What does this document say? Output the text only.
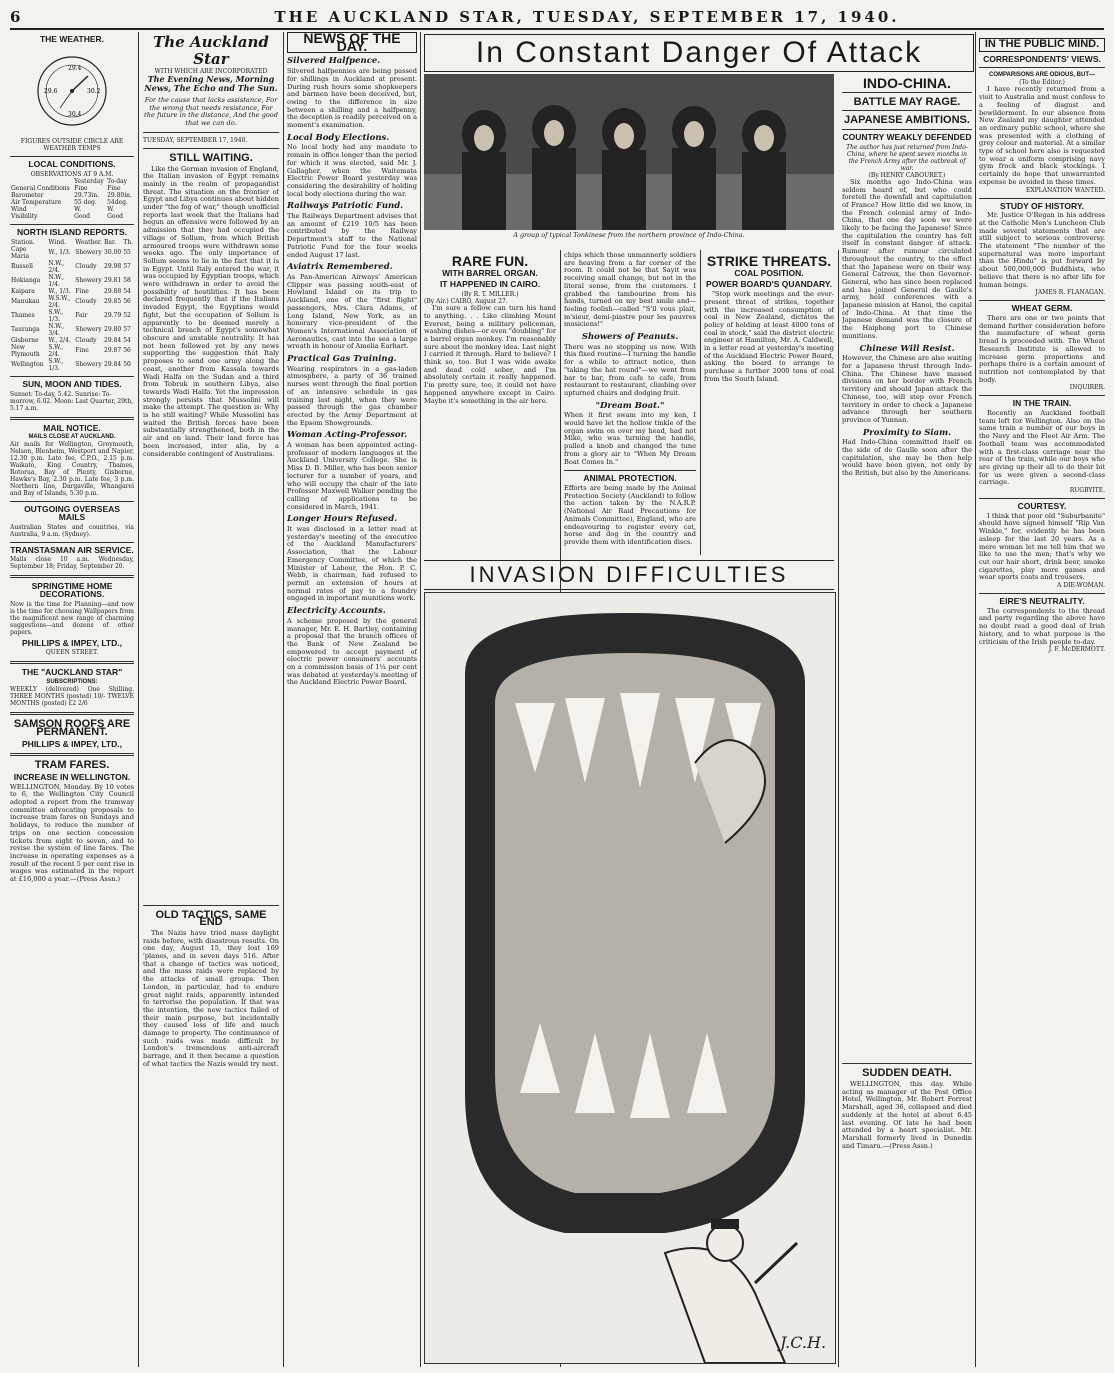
6	THE AUCKLAND STAR, TUESDAY, SEPTEMBER 17, 1940.
THE WEATHER.
29.6
29.4
30.2
30.4
FIGURES OUTSIDE CIRCLE ARE WEATHER TEMPS
LOCAL CONDITIONS.
OBSERVATIONS AT 9 A.M.
	Yesterday	To-day
General Conditions	Fine	Fine
Barometer	29.73in.	29.80in.
Air Temperature	55 deg.	54deg.
Wind	W.	W.
Visibility	Good	Good
NORTH ISLAND REPORTS.
Station.	Wind.	Weather.	Bar.	Th.
Cape Maria	W., 1/3.	Showery	30.00	55
Russell	N.W., 2/4.	Cloudy	29.98	57
Hokianga	N.W., 1/4.	Showery	29.81	58
Kaipara	W., 1/3.	Fine	29.88	54
Manukau	W.S.W., 2/4.	Cloudy	29.85	56
Thames	S.W., 1/3.	Fair	29.79	52
Tauranga	N.W., 3/4.	Showery	29.80	57
Gisborne	W., 2/4.	Cloudy	29.84	54
New Plymouth	S.W., 2/4.	Fine	29.87	56
Wellington	S.W., 1/3.	Showery	29.84	50
SUN, MOON AND TIDES.
Sunset: To-day, 5.42. Sunrise: To-morrow, 6.02. Moon: Last Quarter, 29th, 5.17 a.m.
MAIL NOTICE.
MAILS CLOSE AT AUCKLAND.
Air mails for Wellington, Greymouth, Nelson, Blenheim, Westport and Napier, 12.30 p.m. Late fee, C.P.O., 2.15 p.m. Waikato, King Country, Thames, Rotorua, Bay of Plenty, Gisborne, Hawke's Bay, 2.30 p.m. Late fee, 3 p.m. Northern line, Dargaville, Whangarei and Bay of Islands, 5.30 p.m.
OUTGOING OVERSEAS MAILS
Australian States and countries, via Australia, 9 a.m. (Sydney).
TRANSTASMAN AIR SERVICE.
Mails close 10 a.m. Wednesday, September 18; Friday, September 20.
SPRINGTIME HOME DECORATIONS.
Now is the time for Planning—and now is the time for choosing Wallpapers from the magnificent new range of charming suggestions—and dozens of other papers.
PHILLIPS & IMPEY, LTD.,
QUEEN STREET.
THE "AUCKLAND STAR"
SUBSCRIPTIONS:
WEEKLY (delivered) One Shilling. THREE MONTHS (posted) 10/- TWELVE MONTHS (posted) £2 2/6
SAMSON ROOFS ARE PERMANENT.
PHILLIPS & IMPEY, LTD.,
TRAM FARES.
INCREASE IN WELLINGTON.
WELLINGTON, Monday. By 10 votes to 6, the Wellington City Council adopted a report from the tramway committee advocating proposals to increase tram fares on Sundays and holidays, to reduce the number of trips on one section concession tickets from eight to seven, and to revise the system of line fares. The increase in operating expenses as a result of the recent 5 per cent rise in wages was estimated in the report at £16,000 a year.—(Press Assn.)
The Auckland Star
WITH WHICH ARE INCORPORATED
The Evening News, Morning News, The Echo and The Sun.
For the cause that lacks assistance, For the wrong that needs resistance, For the future in the distance, And the good that we can do.
TUESDAY, SEPTEMBER 17, 1940.
STILL WAITING.
Like the German invasion of England, the Italian invasion of Egypt remains mainly in the realm of propagandist threat. The situation on the frontier of Egypt and Libya continues about hidden under "the fog of war," though unofficial reports last week that the Italians had begun an offensive were followed by an admission that they had occupied the village of Sollum, from which British armoured troops were withdrawn some weeks ago. The only importance of Sollum seems to lie in the fact that it is in Egypt. Until Italy entered the war, it was occupied by Egyptian troops, which were withdrawn in order to avoid the possibility of hostilities. It has been declared frequently that if the Italians invaded Egypt, the Egyptians would fight, but the occupation of Sollum is apparently to be deemed merely a technical breach of Egypt's somewhat obscure and unstable neutrality. It has not been followed yet by any news supporting the suggestion that Italy proposes to send one army along the coast, another from Kassala towards Wadi Halfa on the Sudan and a third from Tobruk in southern Libya, also towards Wadi Halfa. Yet the impression strongly persists that Mussolini will make the attempt. The question is: Why is he still waiting? While Mussolini has waited the British forces have been substantially strengthened, both in the air and on land. Their land force has been increased, inter alia, by a considerable contingent of Australians.
OLD TACTICS, SAME END
The Nazis have tried mass daylight raids before, with disastrous results. On one day, August 15, they lost 169 'planes, and in seven days 516. After that a change of tactics was noticed, and the mass raids were replaced by the attacks of small groups. Then London, in particular, had to endure great night raids, apparently intended to terrorise the population. If that was the intention, the new tactics failed of their main purpose, but incidentally they caused loss of life and much damage to property. The continuance of such raids was made difficult by London's tremendous anti-aircraft barrage, and it then became a question of what tactics the Nazis would try next.
NEWS OF THE DAY.
Silvered Halfpence.
Silvered halfpennies are being passed for shillings in Auckland at present. During rush hours some shopkeepers and barmen have been deceived, but, owing to the difference in size between a shilling and a halfpenny, the deception is readily perceived on a moment's examination.
Local Body Elections.
No local body had any mandate to remain in office longer than the period for which it was elected, said Mr. J. Gallagher, when the Waitemata Electric Power Board yesterday was considering the desirability of holding local body elections during the war.
Railways Patriotic Fund.
The Railways Department advises that an amount of £219 10/5 has been contributed by the Railway Department's staff to the National Patriotic Fund for the four weeks ended August 17 last.
Aviatrix Remembered.
As Pan-American Airways' American Clipper was passing south-east of Howland Island on its trip to Auckland, one of the "first flight" passengers, Mrs. Clara Adams, of Long Island, New York, as an honorary vice-president of the Women's International Association of Aeronautics, cast into the sea a large wreath in honour of Amelia Earhart.
Practical Gas Training.
Wearing respirators in a gas-laden atmosphere, a party of 36 trained nurses went through the final portion of an intensive schedule in gas training last night, when they were passed through the gas chamber erected by the Army Department at the Epsom Showgrounds.
Woman Acting-Professor.
A woman has been appointed acting-professor of modern languages at the Auckland University College. She is Miss D. B. Miller, who has been senior lecturer for a number of years, and who will occupy the chair of the late Professor Maxwell Walker pending the calling of applications to be considered in March, 1941.
Longer Hours Refused.
It was disclosed in a letter read at yesterday's meeting of the executive of the Auckland Manufacturers' Association, that the Labour Emergency Committee, of which the Minister of Labour, the Hon. P. C. Webb, is chairman, had refused to permit an extension of hours at normal rates of pay to a foundry engaged in important munitions work.
Electricity Accounts.
A scheme proposed by the general manager, Mr. E. H. Bartley, containing a proposal that the branch offices of the Bank of New Zealand be empowered to accept payment of electric power consumers' accounts on a commission basis of 1¼ per cent was debated at yesterday's meeting of the Auckland Electric Power Board.
In Constant Danger Of Attack
A group of typical Tonkinese from the northern province of Indo-China.
RARE FUN.
WITH BARREL ORGAN.
IT HAPPENED IN CAIRO.
(By R. T. MILLER.)
(By Air.) CAIRO, August 27.
I'm sure a fellow can turn his hand to anything. . . Like climbing Mount Everest, being a military policeman, washing dishes—or even "doubling" for a barrel organ monkey. I'm reasonably sure about the monkey idea. Last night I carried it through. Hard to believe? I think so, too. But I was wide awake and dead cold sober, and I'm absolutely certain it really happened. I'm pretty sure, too, it could not have happened anywhere except in Cairo. Maybe it's something in the air here.
chips which those unmannerly soldiers are heaving from a far corner of the room. It could not be that Sayit was receiving small change, but not in the literal sense, from the customers. I grabbed the tambourine from his hands, turned on my best smile and—feeling foolish—called "S'il vous plait, m'sieur, demi-piastre pour les pauvres musiciens!"
Showers of Peanuts.
There was no stopping us now. With this fixed routine—I turning the handle for a while to attract notice, then "taking the hat round"—we went from bar to bar, from cafe to cafe, from restaurant to restaurant, climbing over upturned chairs and dodging fruit.
"Dream Boat."
When it first swam into my ken, I would have let the hollow tinkle of the organ swim on over my head, had not Mike, who was turning the handle, pulled a knob and changed the tune from a glory air to "When My Dream Boat Comes In."
ANIMAL PROTECTION.
Efforts are being made by the Animal Protection Society (Auckland) to follow the action taken by the N.A.R.P. (National Air Raid Precautions for Animals Committee), England, who are endeavouring to register every cat, horse and dog in the country and provide them with identification discs.
STRIKE THREATS.
COAL POSITION.
POWER BOARD'S QUANDARY.
"Stop work meetings and the ever-present threat of strikes, together with the increased consumption of coal in New Zealand, dictates the policy of holding at least 4000 tons of coal in stock," said the district electric engineer at Hamilton, Mr. A. Caldwell, in a letter read at yesterday's meeting of the Auckland Electric Power Board, asking the board to arrange to purchase a further 2000 tons of coal from the South Island.
INVASION DIFFICULTIES
J.C.H.
INDO-CHINA.
BATTLE MAY RAGE.
JAPANESE AMBITIONS.
COUNTRY WEAKLY DEFENDED
The author has just returned from Indo-China, where he spent seven months in the French Army after the outbreak of war.
(By HENRY CABOURET.)
Six months ago Indo-China was seldom heard of, but who could foretell the downfall and capitulation of France? How little did we know, in the French colonial army of Indo-China, that one day soon we were likely to be facing the Japanese! Since the capitulation the country has felt itself in constant danger of attack. Rumour after rumour circulated throughout the country, to the effect that the Japanese were on their way. General Catroux, the then Governor-General, who has since been replaced and has joined General de Gaulle's army, held conferences with a Japanese mission at Hanoi, the capital of Indo-China. At that time the Japanese demand was the closure of the Haiphong port to Chinese munitions.
Chinese Will Resist.
However, the Chinese are also waiting for a Japanese thrust through Indo-China. The Chinese have massed divisions on her border with French territory and should Japan attack the Chinese, too, will step over French territory in order to check a Japanese advance through her southern province of Yunnan.
Proximity to Siam.
Had Indo-China committed itself on the side of de Gaulle soon after the capitulation, she may be then help would have been given, not only by the British, but also by the Americans.
SUDDEN DEATH.
WELLINGTON, this day. While acting as manager of the Post Office Hotel, Wellington, Mr. Robert Forrest Marshall, aged 36, collapsed and died suddenly at the hotel at about 6.45 last evening. Of late he had been attended by a heart specialist. Mr. Marshall formerly lived in Dunedin and Timaru.—(Press Assn.)
IN THE PUBLIC MIND.
CORRESPONDENTS' VIEWS.
COMPARISONS ARE ODIOUS, BUT—
(To the Editor.)
I have recently returned from a visit to Australia and must confess to a feeling of disgust and bewilderment. In our absence from New Zealand my daughter attended an ordinary public school, where she was presented with a clothing of grey colour and material. At a similar type of school here also is requested to wear a uniform comprising navy gym frock and black stockings. I certainly do hope that unwarranted expense be avoided in these times.
EXPLANATION WANTED.
STUDY OF HISTORY.
Mr. Justice O'Regan in his address at the Catholic Men's Luncheon Club made several statements that are still subject to serious controversy. The statement "The number of the supernatural was more important than the Hindu" is put forward by about 500,000,000 Buddhists, who believe that there is no after life for human beings.
JAMES R. FLANAGAN.
WHEAT GERM.
There are one or two points that demand further consideration before the manufacture of wheat germ bread is proceeded with. The Wheat Research Institute is allowed to increase germ proportions and perhaps there is a certain amount of nutrition not contemplated by that body.
INQUIRER.
IN THE TRAIN.
Recently an Auckland football team left for Wellington. Also on the same train a number of our boys in the Navy and the Fleet Air Arm. The football team was accommodated with a first-class carriage near the rear of the train, while our boys who are giving up their all to do their bit for us were given a second-class carriage.
RUGBYITE.
COURTESY.
I think that poor old "Suburbanite" should have signed himself "Rip Van Winkle," for, evidently he has been asleep for the last 20 years. As a mere woman let me tell him that we like to use the men; that's why we cut our hair short, drink beer, smoke cigarettes, play more games and wear sports coats and trousers.
A DIE-WOMAN.
EIRE'S NEUTRALITY.
The correspondents to the thread and party regarding the above have no doubt read a good deal of Irish history, and to what purpose is the criticism of the Irish people to-day.
J. F. McDERMOTT.
